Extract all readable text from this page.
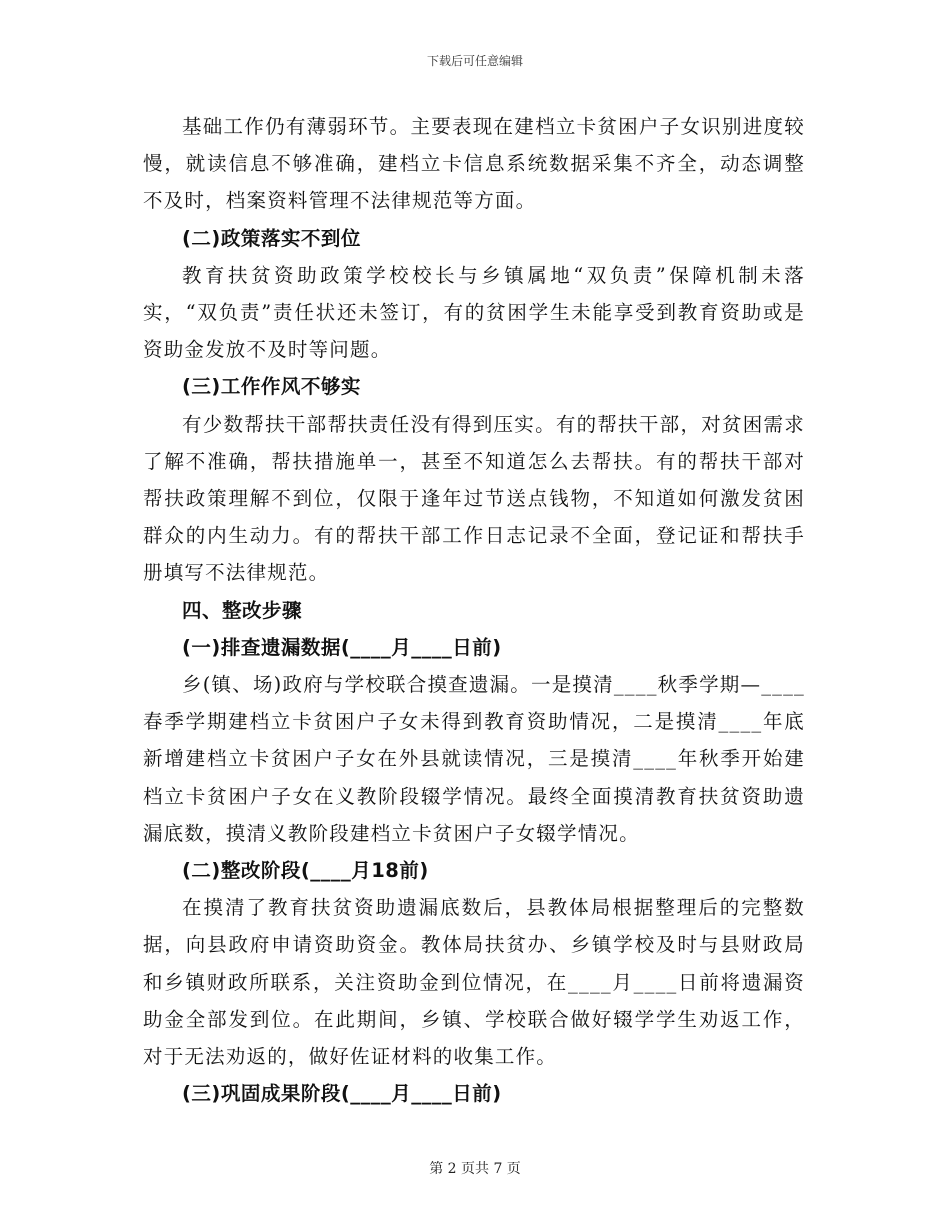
下载后可任意编辑

基础工作仍有薄弱环节。主要表现在建档立卡贫困户子女识别进度较慢，就读信息不够准确，建档立卡信息系统数据采集不齐全，动态调整不及时，档案资料管理不法律规范等方面。

(二)政策落实不到位

教育扶贫资助政策学校校长与乡镇属地“双负责”保障机制未落实，“双负责”责任状还未签订，有的贫困学生未能享受到教育资助或是资助金发放不及时等问题。

(三)工作作风不够实

有少数帮扶干部帮扶责任没有得到压实。有的帮扶干部，对贫困需求了解不准确，帮扶措施单一，甚至不知道怎么去帮扶。有的帮扶干部对帮扶政策理解不到位，仅限于逢年过节送点钱物，不知道如何激发贫困群众的内生动力。有的帮扶干部工作日志记录不全面，登记证和帮扶手册填写不法律规范。

四、整改步骤

(一)排查遗漏数据(____月____日前)

乡(镇、场)政府与学校联合摸查遗漏。一是摸清____秋季学期—____春季学期建档立卡贫困户子女未得到教育资助情况，二是摸清____年底新增建档立卡贫困户子女在外县就读情况，三是摸清____年秋季开始建档立卡贫困户子女在义教阶段辍学情况。最终全面摸清教育扶贫资助遗漏底数，摸清义教阶段建档立卡贫困户子女辍学情况。

(二)整改阶段(____月18前)

在摸清了教育扶贫资助遗漏底数后，县教体局根据整理后的完整数据，向县政府申请资助资金。教体局扶贫办、乡镇学校及时与县财政局和乡镇财政所联系，关注资助金到位情况，在____月____日前将遗漏资助金全部发到位。在此期间，乡镇、学校联合做好辍学学生劝返工作，对于无法劝返的，做好佐证材料的收集工作。

(三)巩固成果阶段(____月____日前)

第 2 页共 7 页
